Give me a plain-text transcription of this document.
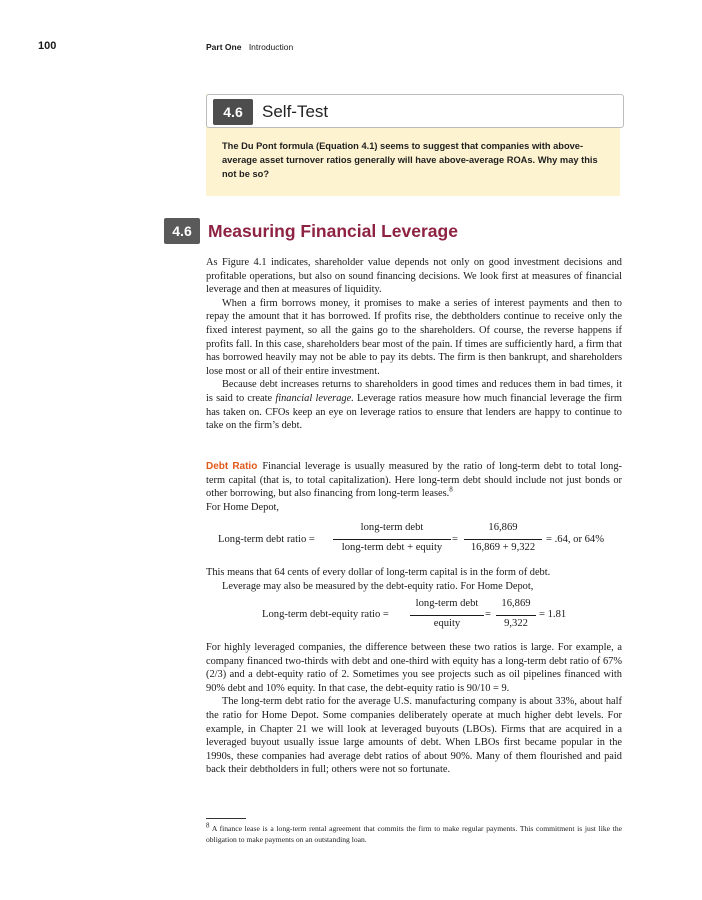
100	Part One Introduction
4.6	Self-Test
The Du Pont formula (Equation 4.1) seems to suggest that companies with above-average asset turnover ratios generally will have above-average ROAs. Why may this not be so?
4.6 Measuring Financial Leverage

As Figure 4.1 indicates, shareholder value depends not only on good investment decisions and profitable operations, but also on sound financing decisions. We look first at measures of financial leverage and then at measures of liquidity.

When a firm borrows money, it promises to make a series of interest payments and then to repay the amount that it has borrowed. If profits rise, the debtholders continue to receive only the fixed interest payment, so all the gains go to the shareholders. Of course, the reverse happens if profits fall. In this case, shareholders bear most of the pain. If times are sufficiently hard, a firm that has borrowed heavily may not be able to pay its debts. The firm is then bankrupt, and shareholders lose most or all of their entire investment.

Because debt increases returns to shareholders in good times and reduces them in bad times, it is said to create financial leverage. Leverage ratios measure how much financial leverage the firm has taken on. CFOs keep an eye on leverage ratios to ensure that lenders are happy to continue to take on the firm’s debt.

Debt Ratio Financial leverage is usually measured by the ratio of long-term debt to total long-term capital (that is, to total capitalization). Here long-term debt should include not just bonds or other borrowing, but also financing from long-term leases.$^8$
For Home Depot,

Long-term debt ratio =
long-term debt
long-term debt + equity
=
16,869
16,869 + 9,322
= .64, or 64%

This means that 64 cents of every dollar of long-term capital is in the form of debt.

Leverage may also be measured by the debt-equity ratio. For Home Depot,

Long-term debt-equity ratio =
long-term debt
equity
=
16,869
9,322
= 1.81

For highly leveraged companies, the difference between these two ratios is large. For example, a company financed two-thirds with debt and one-third with equity has a long-term debt ratio of 67% (2/3) and a debt-equity ratio of 2. Sometimes you see projects such as oil pipelines financed with 90% debt and 10% equity. In that case, the debt-equity ratio is 90/10 = 9.

The long-term debt ratio for the average U.S. manufacturing company is about 33%, about half the ratio for Home Depot. Some companies deliberately operate at much higher debt levels. For example, in Chapter 21 we will look at leveraged buyouts (LBOs). Firms that are acquired in a leveraged buyout usually issue large amounts of debt. When LBOs first became popular in the 1990s, these companies had average debt ratios of about 90%. Many of them flourished and paid back their debtholders in full; others were not so fortunate.

$^8$ A finance lease is a long-term rental agreement that commits the firm to make regular payments. This commitment is just like the obligation to make payments on an outstanding loan.
